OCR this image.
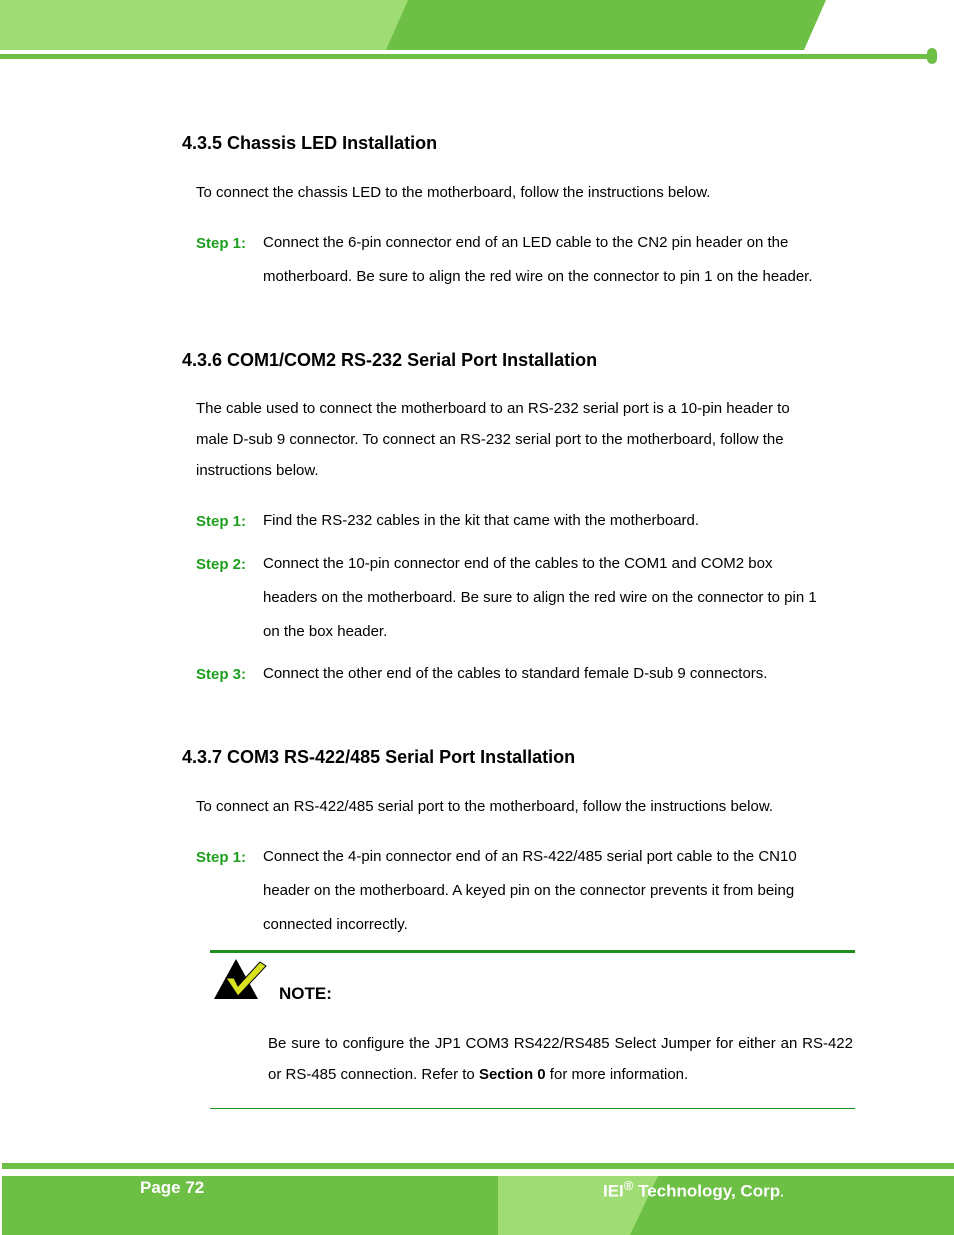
4.3.5 Chassis LED Installation
To connect the chassis LED to the motherboard, follow the instructions below.
Step 1: Connect the 6-pin connector end of an LED cable to the CN2 pin header on the motherboard. Be sure to align the red wire on the connector to pin 1 on the header.
4.3.6 COM1/COM2 RS-232 Serial Port Installation
The cable used to connect the motherboard to an RS-232 serial port is a 10-pin header to male D-sub 9 connector. To connect an RS-232 serial port to the motherboard, follow the instructions below.
Step 1: Find the RS-232 cables in the kit that came with the motherboard.
Step 2: Connect the 10-pin connector end of the cables to the COM1 and COM2 box headers on the motherboard. Be sure to align the red wire on the connector to pin 1 on the box header.
Step 3: Connect the other end of the cables to standard female D-sub 9 connectors.
4.3.7 COM3 RS-422/485 Serial Port Installation
To connect an RS-422/485 serial port to the motherboard, follow the instructions below.
Step 1: Connect the 4-pin connector end of an RS-422/485 serial port cable to the CN10 header on the motherboard. A keyed pin on the connector prevents it from being connected incorrectly.
NOTE:
Be sure to configure the JP1 COM3 RS422/RS485 Select Jumper for either an RS-422 or RS-485 connection. Refer to Section 0 for more information.
Page 72	IEI® Technology, Corp.
